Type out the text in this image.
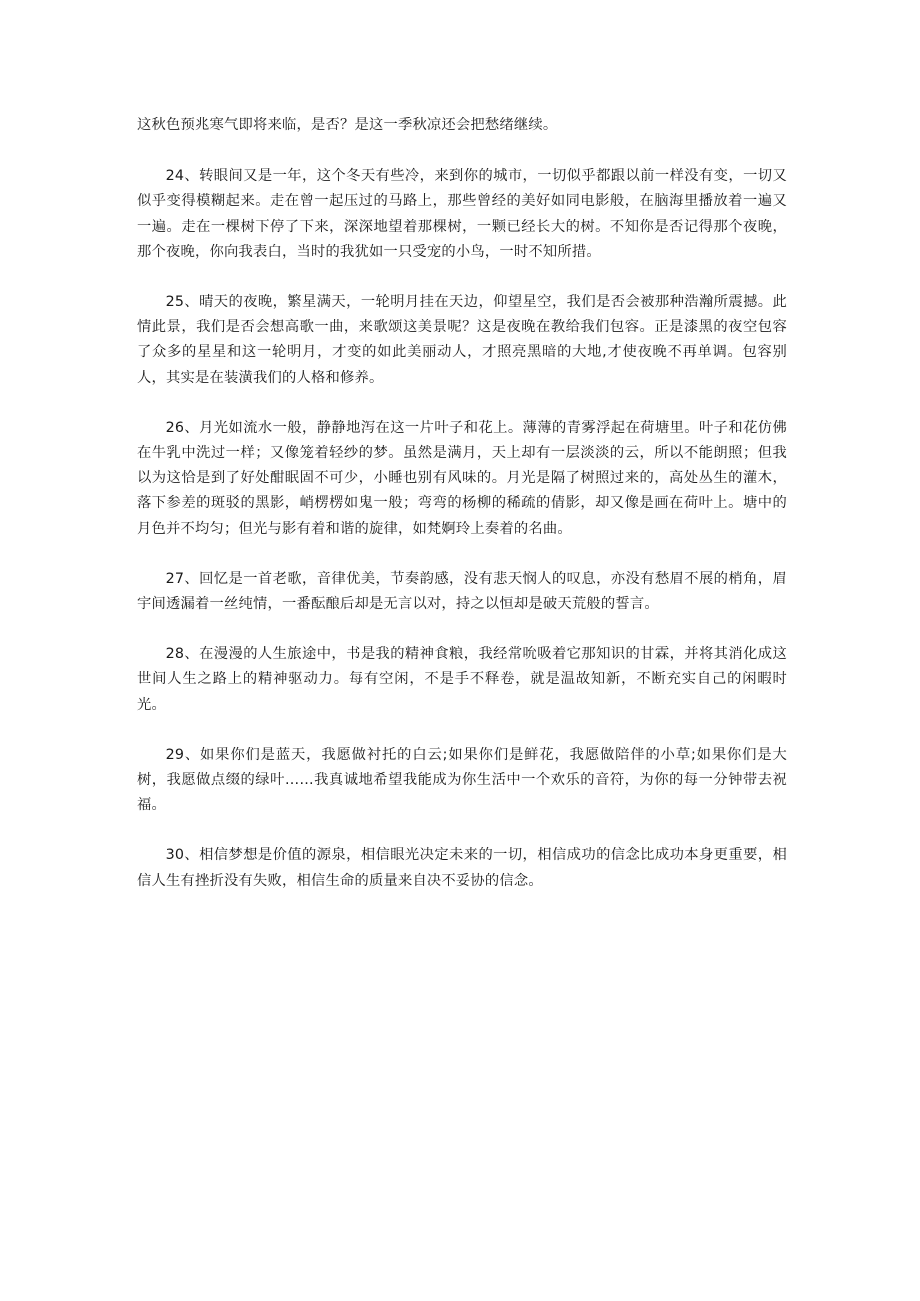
这秋色预兆寒气即将来临，是否？是这一季秋凉还会把愁绪继续。

24、转眼间又是一年，这个冬天有些冷，来到你的城市，一切似乎都跟以前一样没有变，一切又似乎变得模糊起来。走在曾一起压过的马路上，那些曾经的美好如同电影般，在脑海里播放着一遍又一遍。走在一棵树下停了下来，深深地望着那棵树，一颗已经长大的树。不知你是否记得那个夜晚，那个夜晚，你向我表白，当时的我犹如一只受宠的小鸟，一时不知所措。

25、晴天的夜晚，繁星满天，一轮明月挂在天边，仰望星空，我们是否会被那种浩瀚所震撼。此情此景，我们是否会想高歌一曲，来歌颂这美景呢？这是夜晚在教给我们包容。正是漆黑的夜空包容了众多的星星和这一轮明月，才变的如此美丽动人，才照亮黑暗的大地,才使夜晚不再单调。包容别人，其实是在装潢我们的人格和修养。

26、月光如流水一般，静静地泻在这一片叶子和花上。薄薄的青雾浮起在荷塘里。叶子和花仿佛在牛乳中洗过一样；又像笼着轻纱的梦。虽然是满月，天上却有一层淡淡的云，所以不能朗照；但我以为这恰是到了好处酣眠固不可少，小睡也别有风味的。月光是隔了树照过来的，高处丛生的灌木，落下参差的斑驳的黑影，峭楞楞如鬼一般；弯弯的杨柳的稀疏的倩影，却又像是画在荷叶上。塘中的月色并不均匀；但光与影有着和谐的旋律，如梵婀玲上奏着的名曲。

27、回忆是一首老歌，音律优美，节奏韵感，没有悲天悯人的叹息，亦没有愁眉不展的梢角，眉宇间透漏着一丝纯情，一番酝酿后却是无言以对，持之以恒却是破天荒般的誓言。

28、在漫漫的人生旅途中，书是我的精神食粮，我经常吮吸着它那知识的甘霖，并将其消化成这世间人生之路上的精神驱动力。每有空闲，不是手不释卷，就是温故知新，不断充实自己的闲暇时光。

29、如果你们是蓝天，我愿做衬托的白云;如果你们是鲜花，我愿做陪伴的小草;如果你们是大树，我愿做点缀的绿叶……我真诚地希望我能成为你生活中一个欢乐的音符，为你的每一分钟带去祝福。

30、相信梦想是价值的源泉，相信眼光决定未来的一切，相信成功的信念比成功本身更重要，相信人生有挫折没有失败，相信生命的质量来自决不妥协的信念。
